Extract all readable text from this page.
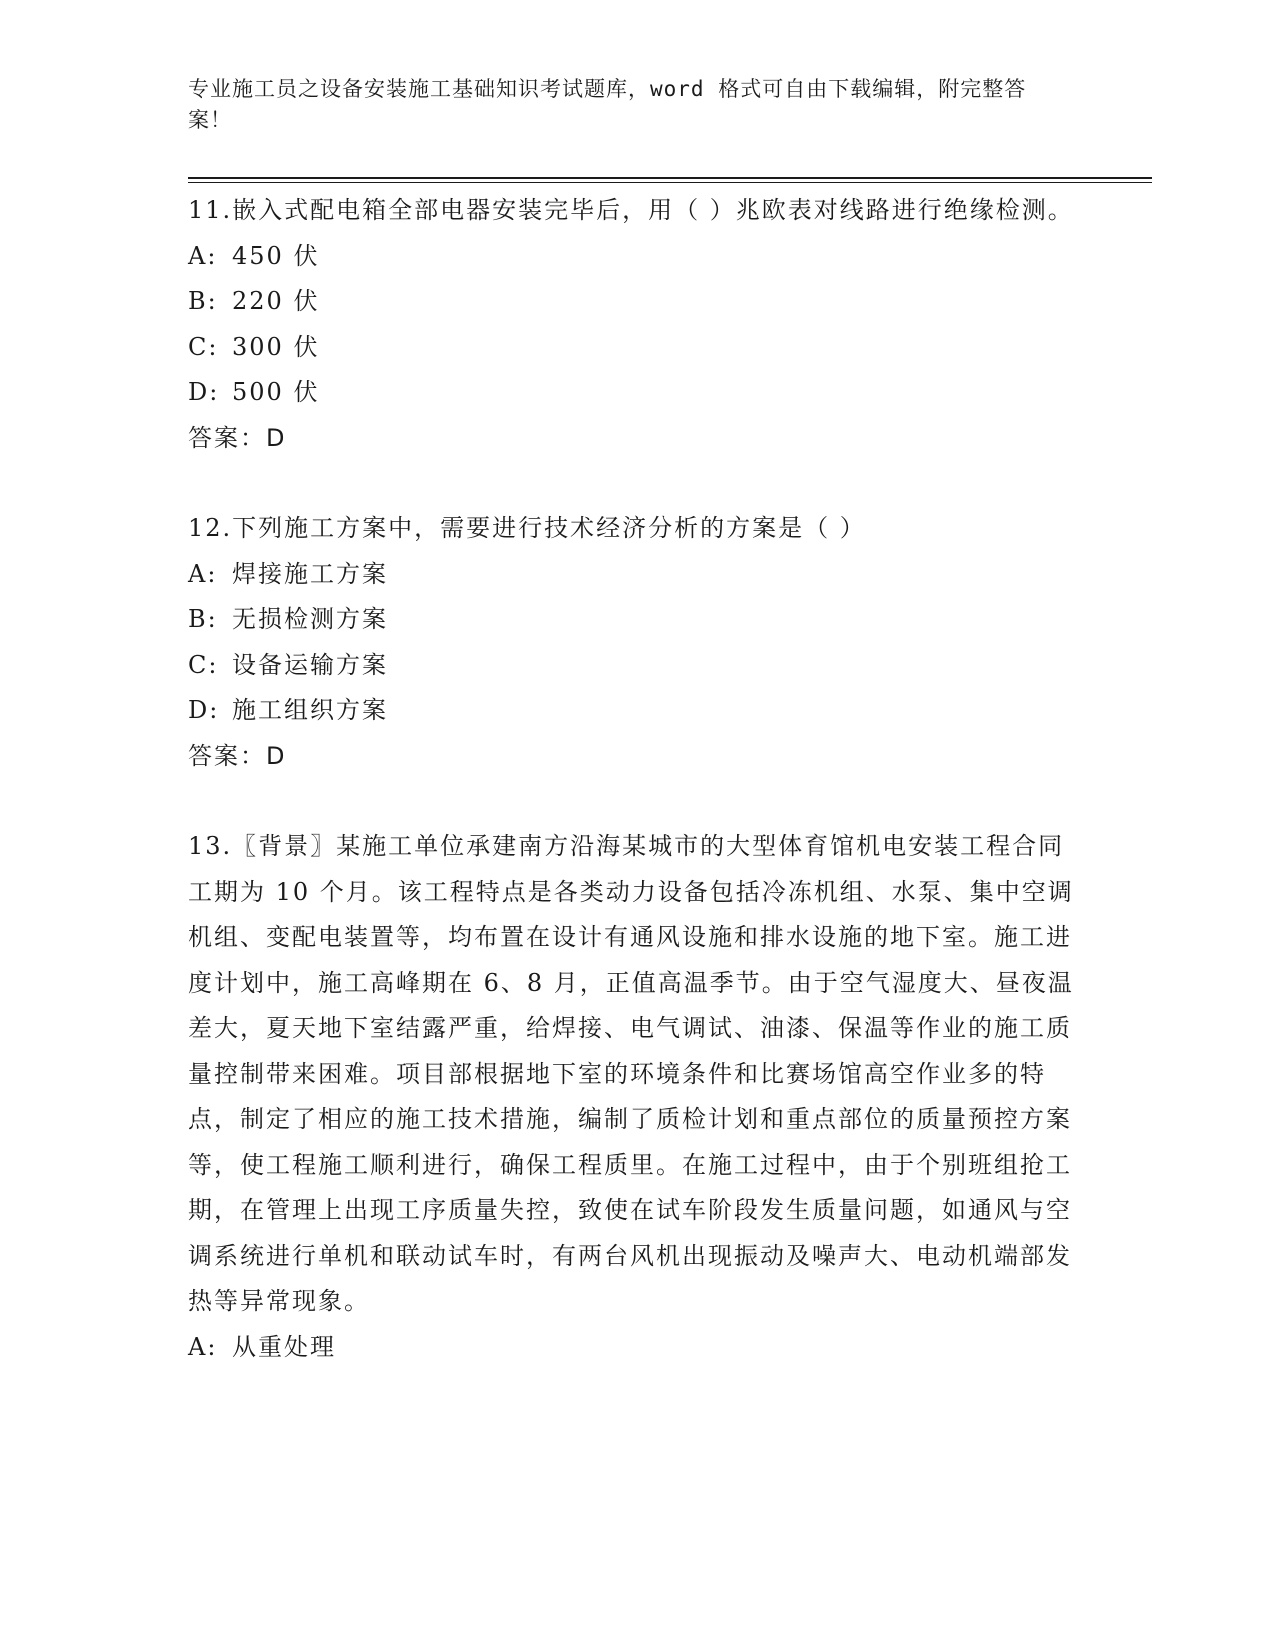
专业施工员之设备安装施工基础知识考试题库，word 格式可自由下载编辑，附完整答案！

11.嵌入式配电箱全部电器安装完毕后，用（ ）兆欧表对线路进行绝缘检测。

A: 450 伏

B: 220 伏

C: 300 伏

D: 500 伏

答案：D

12.下列施工方案中，需要进行技术经济分析的方案是（ ）

A: 焊接施工方案

B: 无损检测方案

C: 设备运输方案

D: 施工组织方案

答案：D

13.〖背景〗某施工单位承建南方沿海某城市的大型体育馆机电安装工程合同工期为 10 个月。该工程特点是各类动力设备包括冷冻机组、水泵、集中空调机组、变配电装置等，均布置在设计有通风设施和排水设施的地下室。施工进度计划中，施工高峰期在 6、8 月，正值高温季节。由于空气湿度大、昼夜温差大，夏天地下室结露严重，给焊接、电气调试、油漆、保温等作业的施工质量控制带来困难。项目部根据地下室的环境条件和比赛场馆高空作业多的特点，制定了相应的施工技术措施，编制了质检计划和重点部位的质量预控方案等，使工程施工顺利进行，确保工程质里。在施工过程中，由于个别班组抢工期，在管理上出现工序质量失控，致使在试车阶段发生质量问题，如通风与空调系统进行单机和联动试车时，有两台风机出现振动及噪声大、电动机端部发热等异常现象。

A: 从重处理
